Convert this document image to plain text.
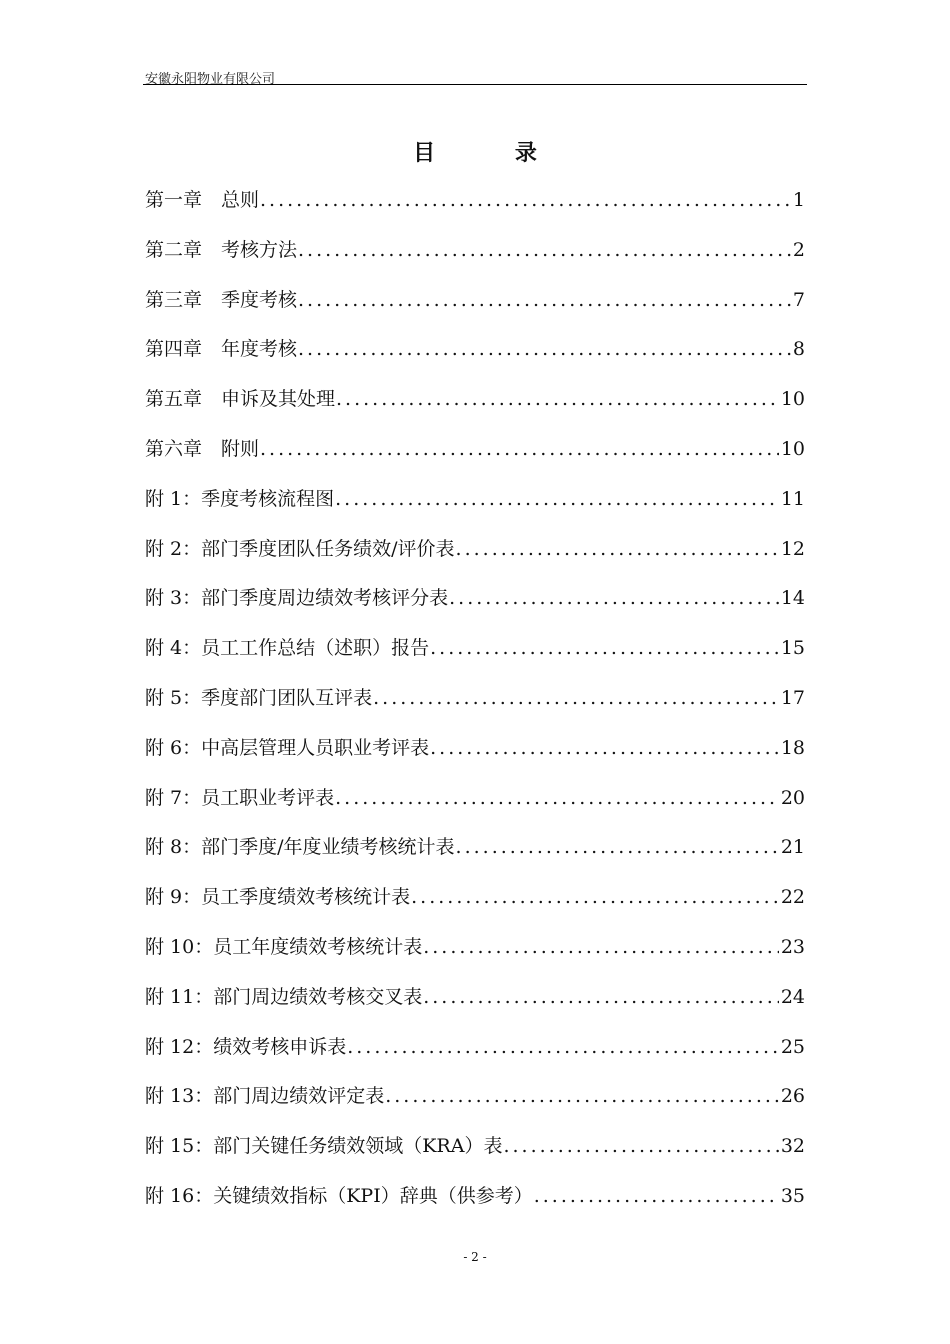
安徽永阳物业有限公司
目 录
第一章　总则 .....	1
第二章　考核方法 .....	2
第三章　季度考核 .....	7
第四章　年度考核 .....	8
第五章　申诉及其处理 .....	10
第六章　附则 .....	10
附 1：季度考核流程图 .....	11
附 2：部门季度团队任务绩效/评价表 .....	12
附 3：部门季度周边绩效考核评分表 .....	14
附 4：员工工作总结（述职）报告 .....	15
附 5：季度部门团队互评表 .....	17
附 6：中高层管理人员职业考评表 .....	18
附 7：员工职业考评表 .....	20
附 8：部门季度/年度业绩考核统计表 .....	21
附 9：员工季度绩效考核统计表 .....	22
附 10：员工年度绩效考核统计表 .....	23
附 11：部门周边绩效考核交叉表 .....	24
附 12：绩效考核申诉表 .....	25
附 13：部门周边绩效评定表 .....	26
附 15：部门关键任务绩效领域（KRA）表 .....	32
附 16：关键绩效指标（KPI）辞典（供参考） .....	35
- 2 -
